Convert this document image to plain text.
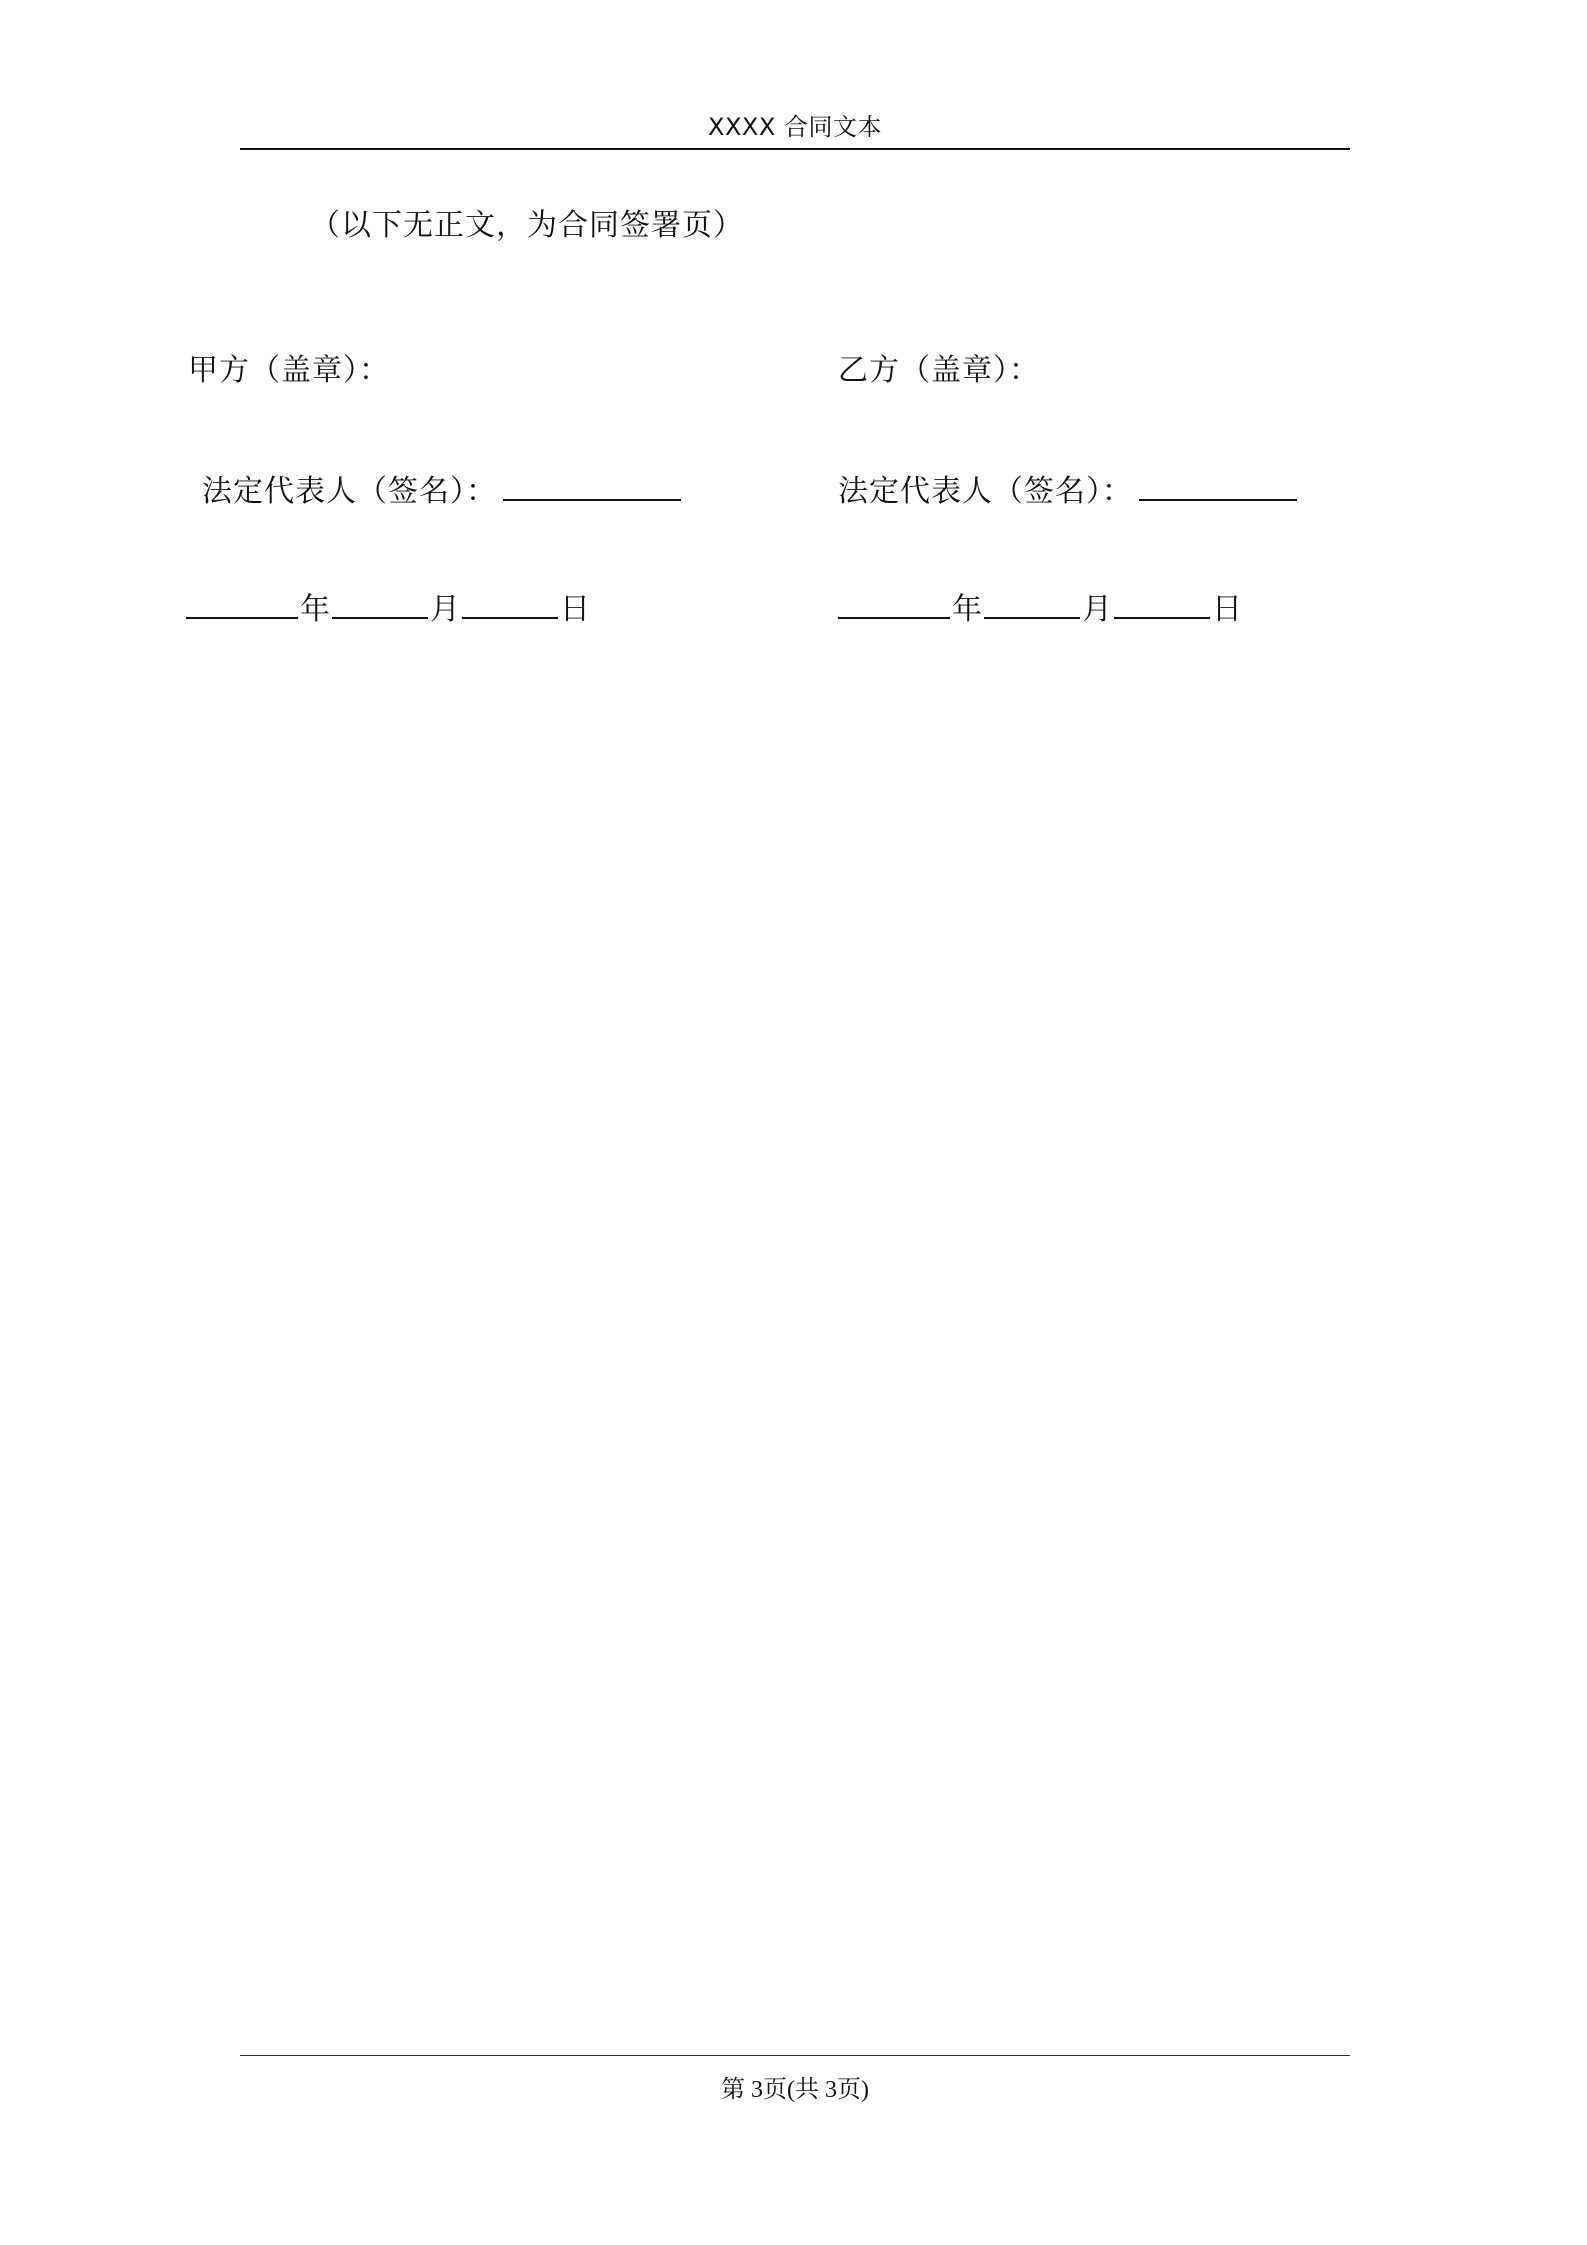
XXXX 合同文本
（以下无正文，为合同签署页）
甲方（盖章）：	乙方（盖章）：
法定代表人（签名）：	法定代表人（签名）：
年	月	日	年	月	日
第 3页(共 3页)
